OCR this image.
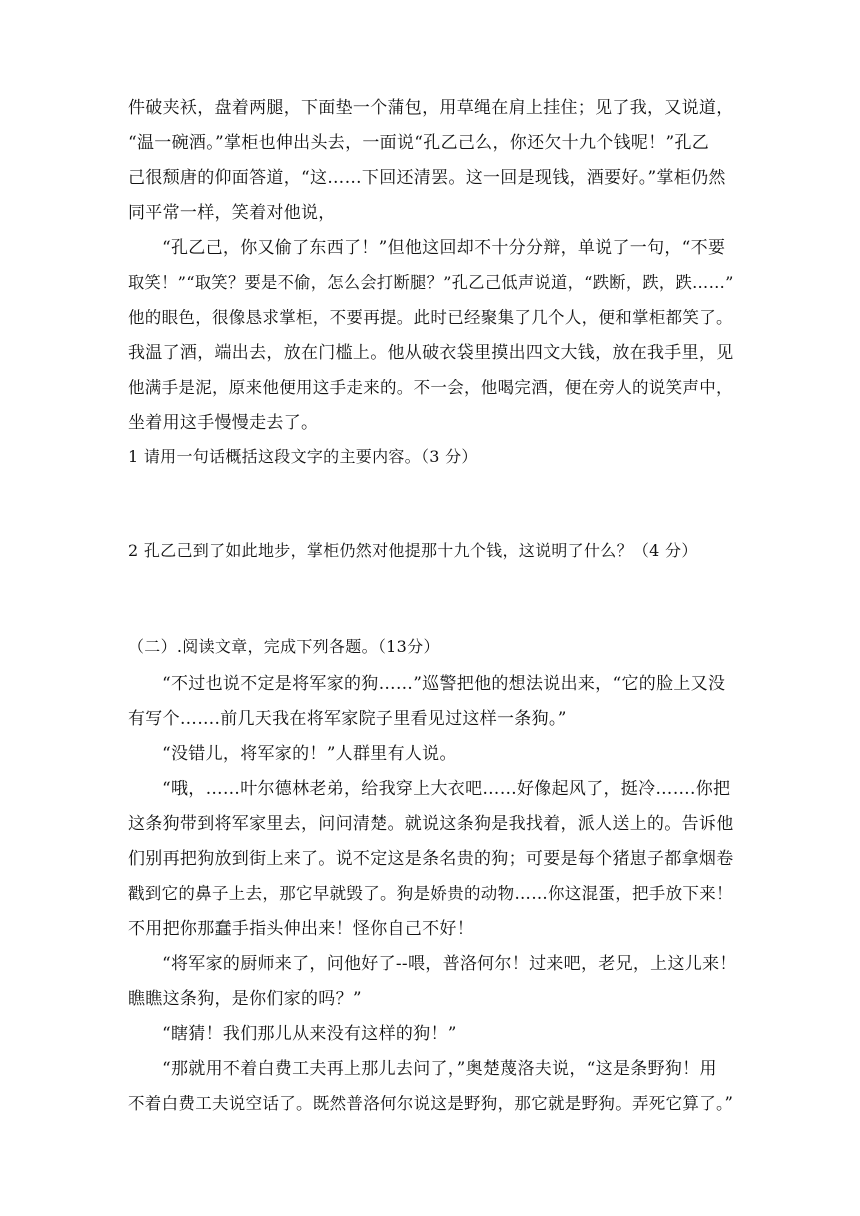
件破夹袄，盘着两腿，下面垫一个蒲包，用草绳在肩上挂住；见了我，又说道，
“温一碗酒。”掌柜也伸出头去，一面说“孔乙己么，你还欠十九个钱呢！”孔乙
己很颓唐的仰面答道，“这……下回还清罢。这一回是现钱，酒要好。”掌柜仍然
同平常一样，笑着对他说，
“孔乙己，你又偷了东西了！”但他这回却不十分分辩，单说了一句，“不要
取笑！”“取笑？要是不偷，怎么会打断腿？”孔乙己低声说道，“跌断，跌，跌……”
他的眼色，很像恳求掌柜，不要再提。此时已经聚集了几个人，便和掌柜都笑了。
我温了酒，端出去，放在门槛上。他从破衣袋里摸出四文大钱，放在我手里，见
他满手是泥，原来他便用这手走来的。不一会，他喝完酒，便在旁人的说笑声中，
坐着用这手慢慢走去了。
1 请用一句话概括这段文字的主要内容。（3 分）
2 孔乙己到了如此地步，掌柜仍然对他提那十九个钱，这说明了什么？（4 分）
（二）.阅读文章，完成下列各题。（13分）
“不过也说不定是将军家的狗……”巡警把他的想法说出来，“它的脸上又没
有写个…….前几天我在将军家院子里看见过这样一条狗。”
“没错儿，将军家的！”人群里有人说。
“哦，……叶尔德林老弟，给我穿上大衣吧……好像起风了，挺冷…….你把
这条狗带到将军家里去，问问清楚。就说这条狗是我找着，派人送上的。告诉他
们别再把狗放到街上来了。说不定这是条名贵的狗；可要是每个猪崽子都拿烟卷
戳到它的鼻子上去，那它早就毁了。狗是娇贵的动物……你这混蛋，把手放下来！
不用把你那蠢手指头伸出来！怪你自己不好！
“将军家的厨师来了，问他好了--喂，普洛何尔！过来吧，老兄，上这儿来！
瞧瞧这条狗，是你们家的吗？”
“瞎猜！我们那儿从来没有这样的狗！”
“那就用不着白费工夫再上那儿去问了，”奥楚蔑洛夫说，“这是条野狗！用
不着白费工夫说空话了。既然普洛何尔说这是野狗，那它就是野狗。弄死它算了。”
